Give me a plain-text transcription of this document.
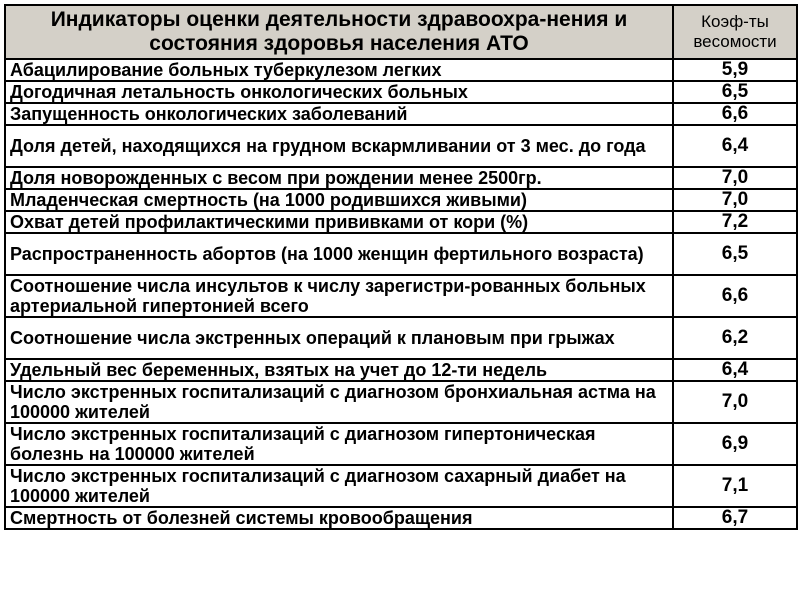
Индикаторы оценки деятельности здравоохра-нения и состояния здоровья населения АТО	Коэф-ты весомости
Абацилирование больных туберкулезом легких	5,9
Догодичная летальность онкологических больных	6,5
Запущенность онкологических заболеваний	6,6
Доля детей, находящихся на грудном вскармливании от 3 мес. до года	6,4
Доля новорожденных с весом при рождении менее 2500гр.	7,0
Младенческая смертность (на 1000 родившихся живыми)	7,0
Охват детей профилактическими прививками от кори (%)	7,2
Распространенность абортов (на 1000 женщин фертильного возраста)	6,5
Соотношение числа инсультов к числу зарегистри-рованных больных артериальной гипертонией всего	6,6
Соотношение числа экстренных операций к плановым при грыжах	6,2
Удельный вес беременных, взятых на учет до 12-ти недель	6,4
Число экстренных госпитализаций с диагнозом бронхиальная астма на 100000 жителей	7,0
Число экстренных госпитализаций с диагнозом гипертоническая болезнь на 100000 жителей	6,9
Число экстренных госпитализаций с диагнозом сахарный диабет на 100000 жителей	7,1
Смертность от болезней системы кровообращения	6,7
